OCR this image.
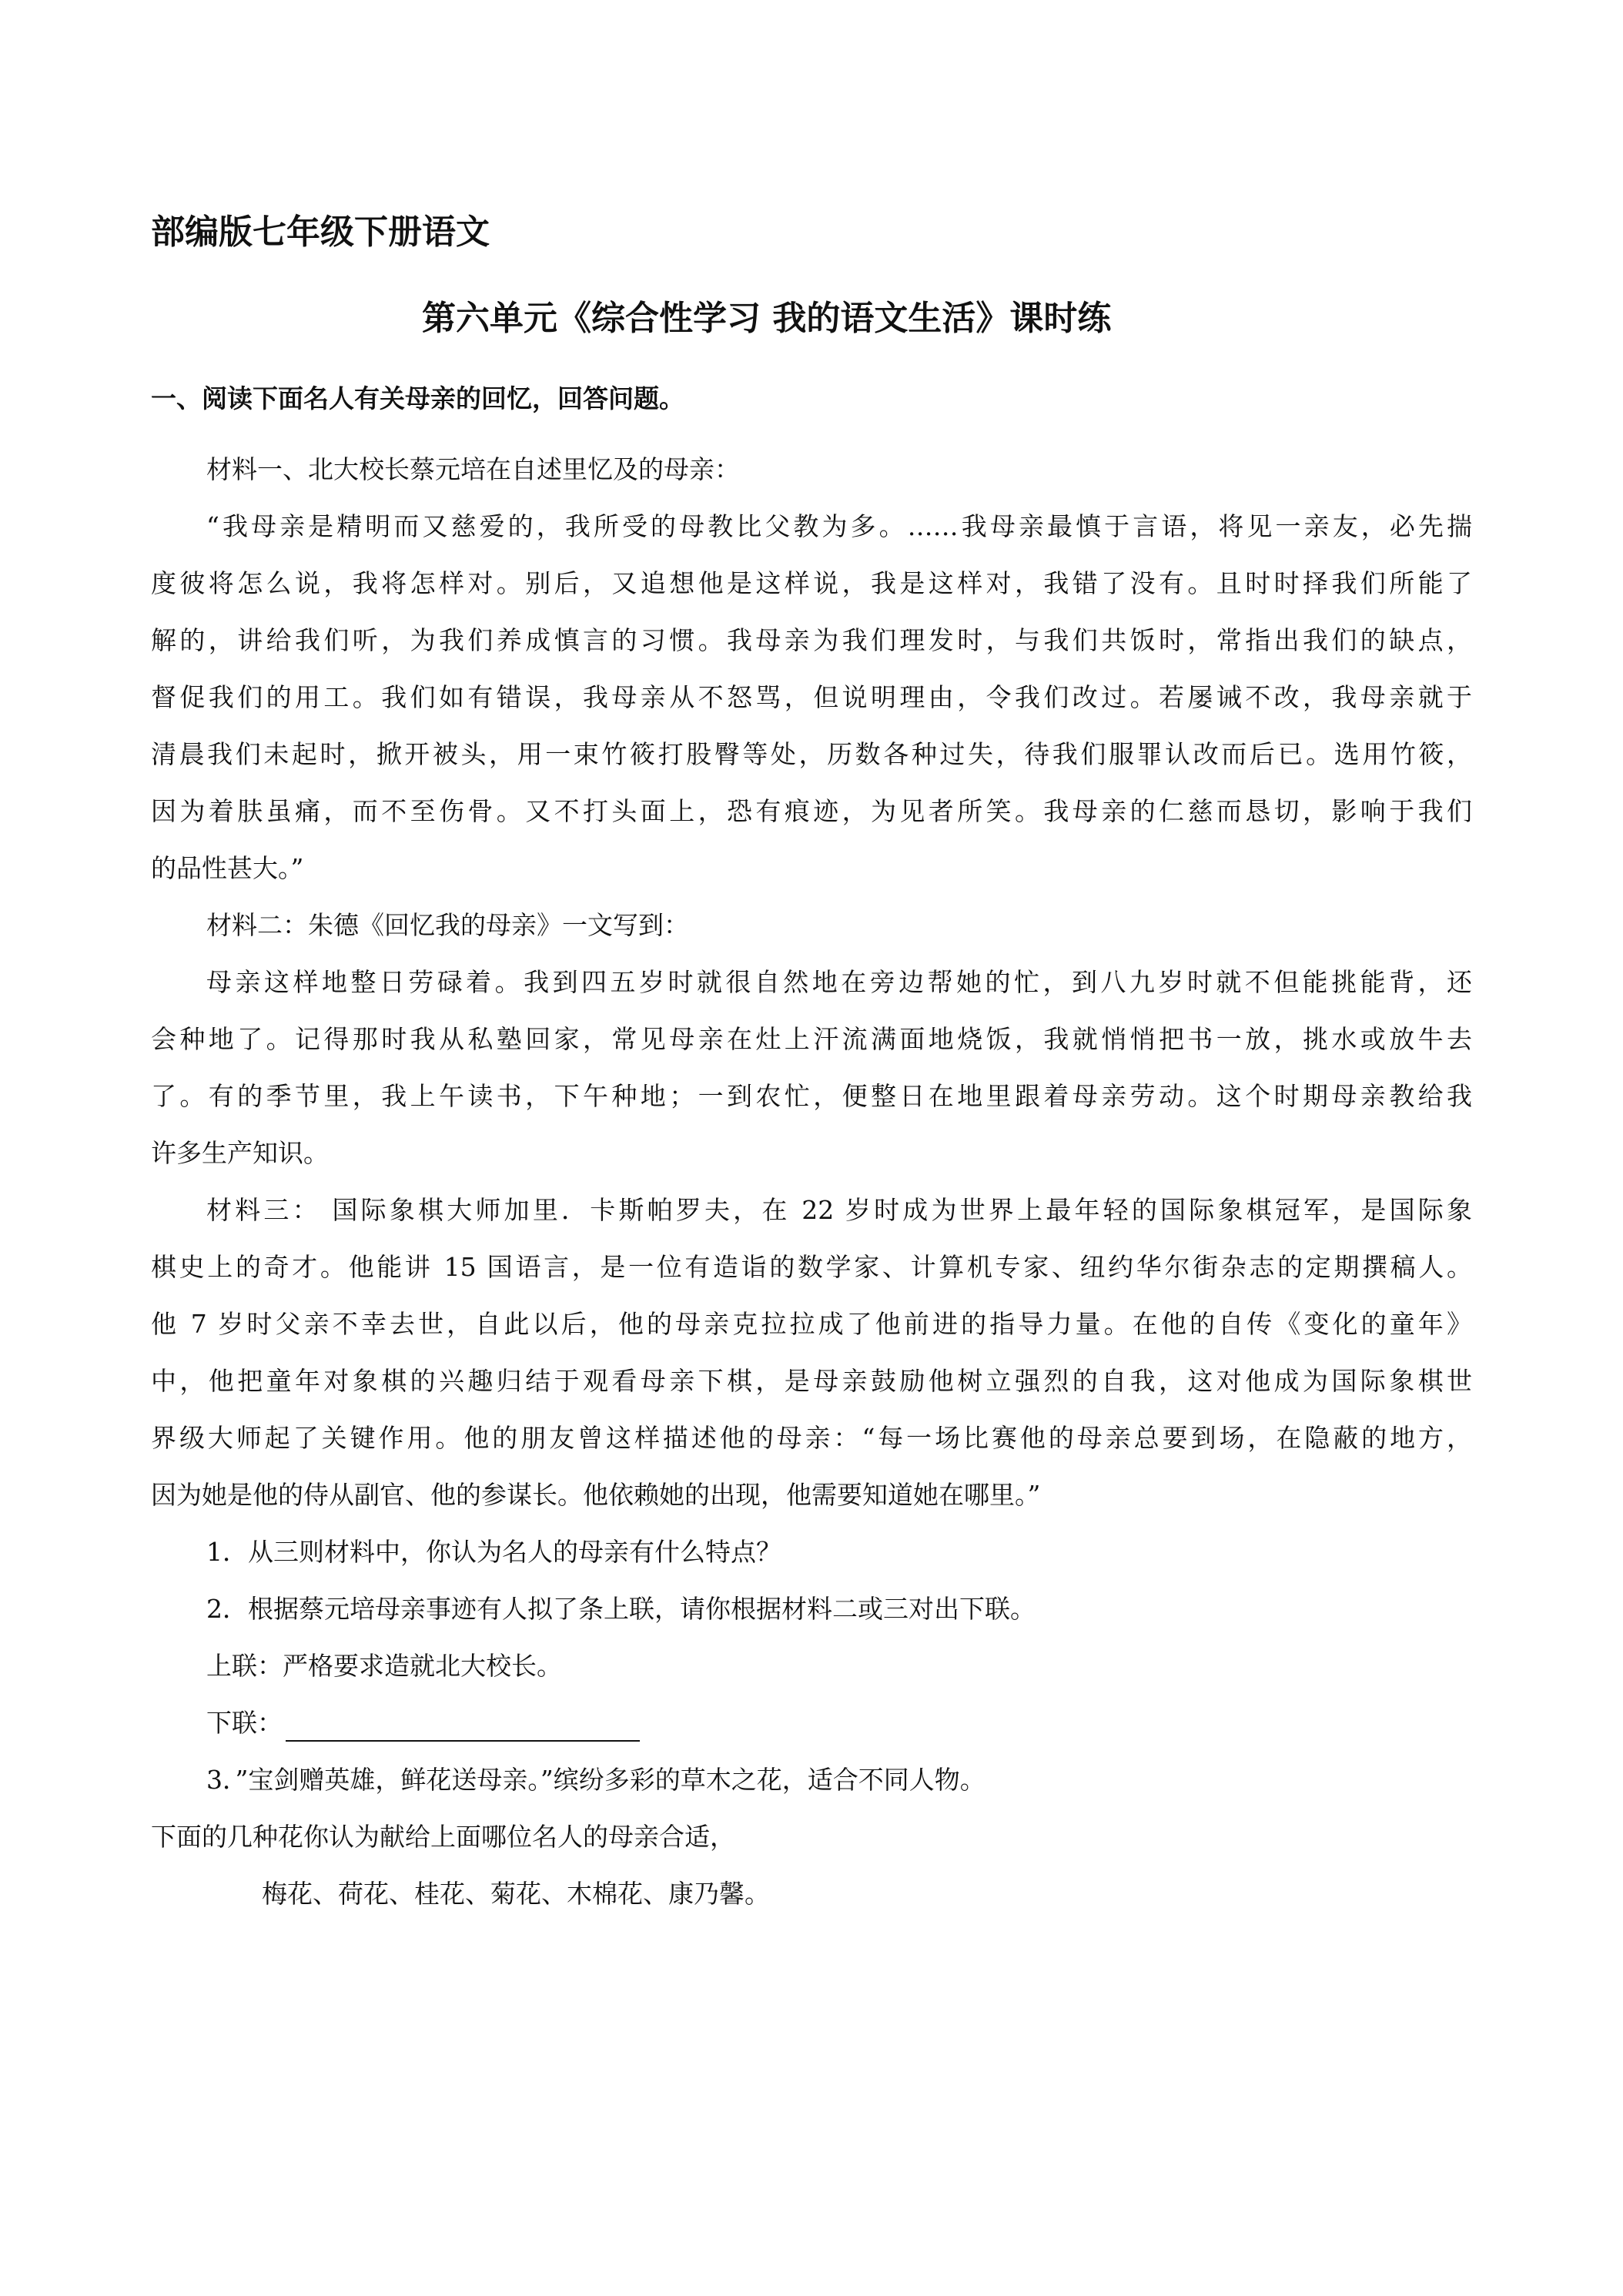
部编版七年级下册语文
第六单元《综合性学习 我的语文生活》课时练
一、阅读下面名人有关母亲的回忆，回答问题。
材料一、北大校长蔡元培在自述里忆及的母亲：
“我母亲是精明而又慈爱的，我所受的母教比父教为多。……我母亲最慎于言语，将见一亲友，必先揣
度彼将怎么说，我将怎样对。别后，又追想他是这样说，我是这样对，我错了没有。且时时择我们所能了
解的，讲给我们听，为我们养成慎言的习惯。我母亲为我们理发时，与我们共饭时，常指出我们的缺点，
督促我们的用工。我们如有错误，我母亲从不怒骂，但说明理由，令我们改过。若屡诫不改，我母亲就于
清晨我们未起时，掀开被头，用一束竹筱打股臀等处，历数各种过失，待我们服罪认改而后已。选用竹筱，
因为着肤虽痛，而不至伤骨。又不打头面上，恐有痕迹，为见者所笑。我母亲的仁慈而恳切，影响于我们
的品性甚大。”
材料二：朱德《回忆我的母亲》一文写到：
母亲这样地整日劳碌着。我到四五岁时就很自然地在旁边帮她的忙，到八九岁时就不但能挑能背，还
会种地了。记得那时我从私塾回家，常见母亲在灶上汗流满面地烧饭，我就悄悄把书一放，挑水或放牛去
了。有的季节里，我上午读书，下午种地；一到农忙，便整日在地里跟着母亲劳动。这个时期母亲教给我
许多生产知识。
材料三： 国际象棋大师加里．卡斯帕罗夫，在 22 岁时成为世界上最年轻的国际象棋冠军，是国际象
棋史上的奇才。他能讲 15 国语言，是一位有造诣的数学家、计算机专家、纽约华尔街杂志的定期撰稿人。
他 7 岁时父亲不幸去世，自此以后，他的母亲克拉拉成了他前进的指导力量。在他的自传《变化的童年》
中，他把童年对象棋的兴趣归结于观看母亲下棋，是母亲鼓励他树立强烈的自我，这对他成为国际象棋世
界级大师起了关键作用。他的朋友曾这样描述他的母亲：“每一场比赛他的母亲总要到场，在隐蔽的地方，
因为她是他的侍从副官、他的参谋长。他依赖她的出现，他需要知道她在哪里。”
1．从三则材料中，你认为名人的母亲有什么特点？
2．根据蔡元培母亲事迹有人拟了条上联，请你根据材料二或三对出下联。
上联：严格要求造就北大校长。
下联：
3．”宝剑赠英雄，鲜花送母亲。”缤纷多彩的草木之花，适合不同人物。
下面的几种花你认为献给上面哪位名人的母亲合适，
梅花、荷花、桂花、菊花、木棉花、康乃馨。
